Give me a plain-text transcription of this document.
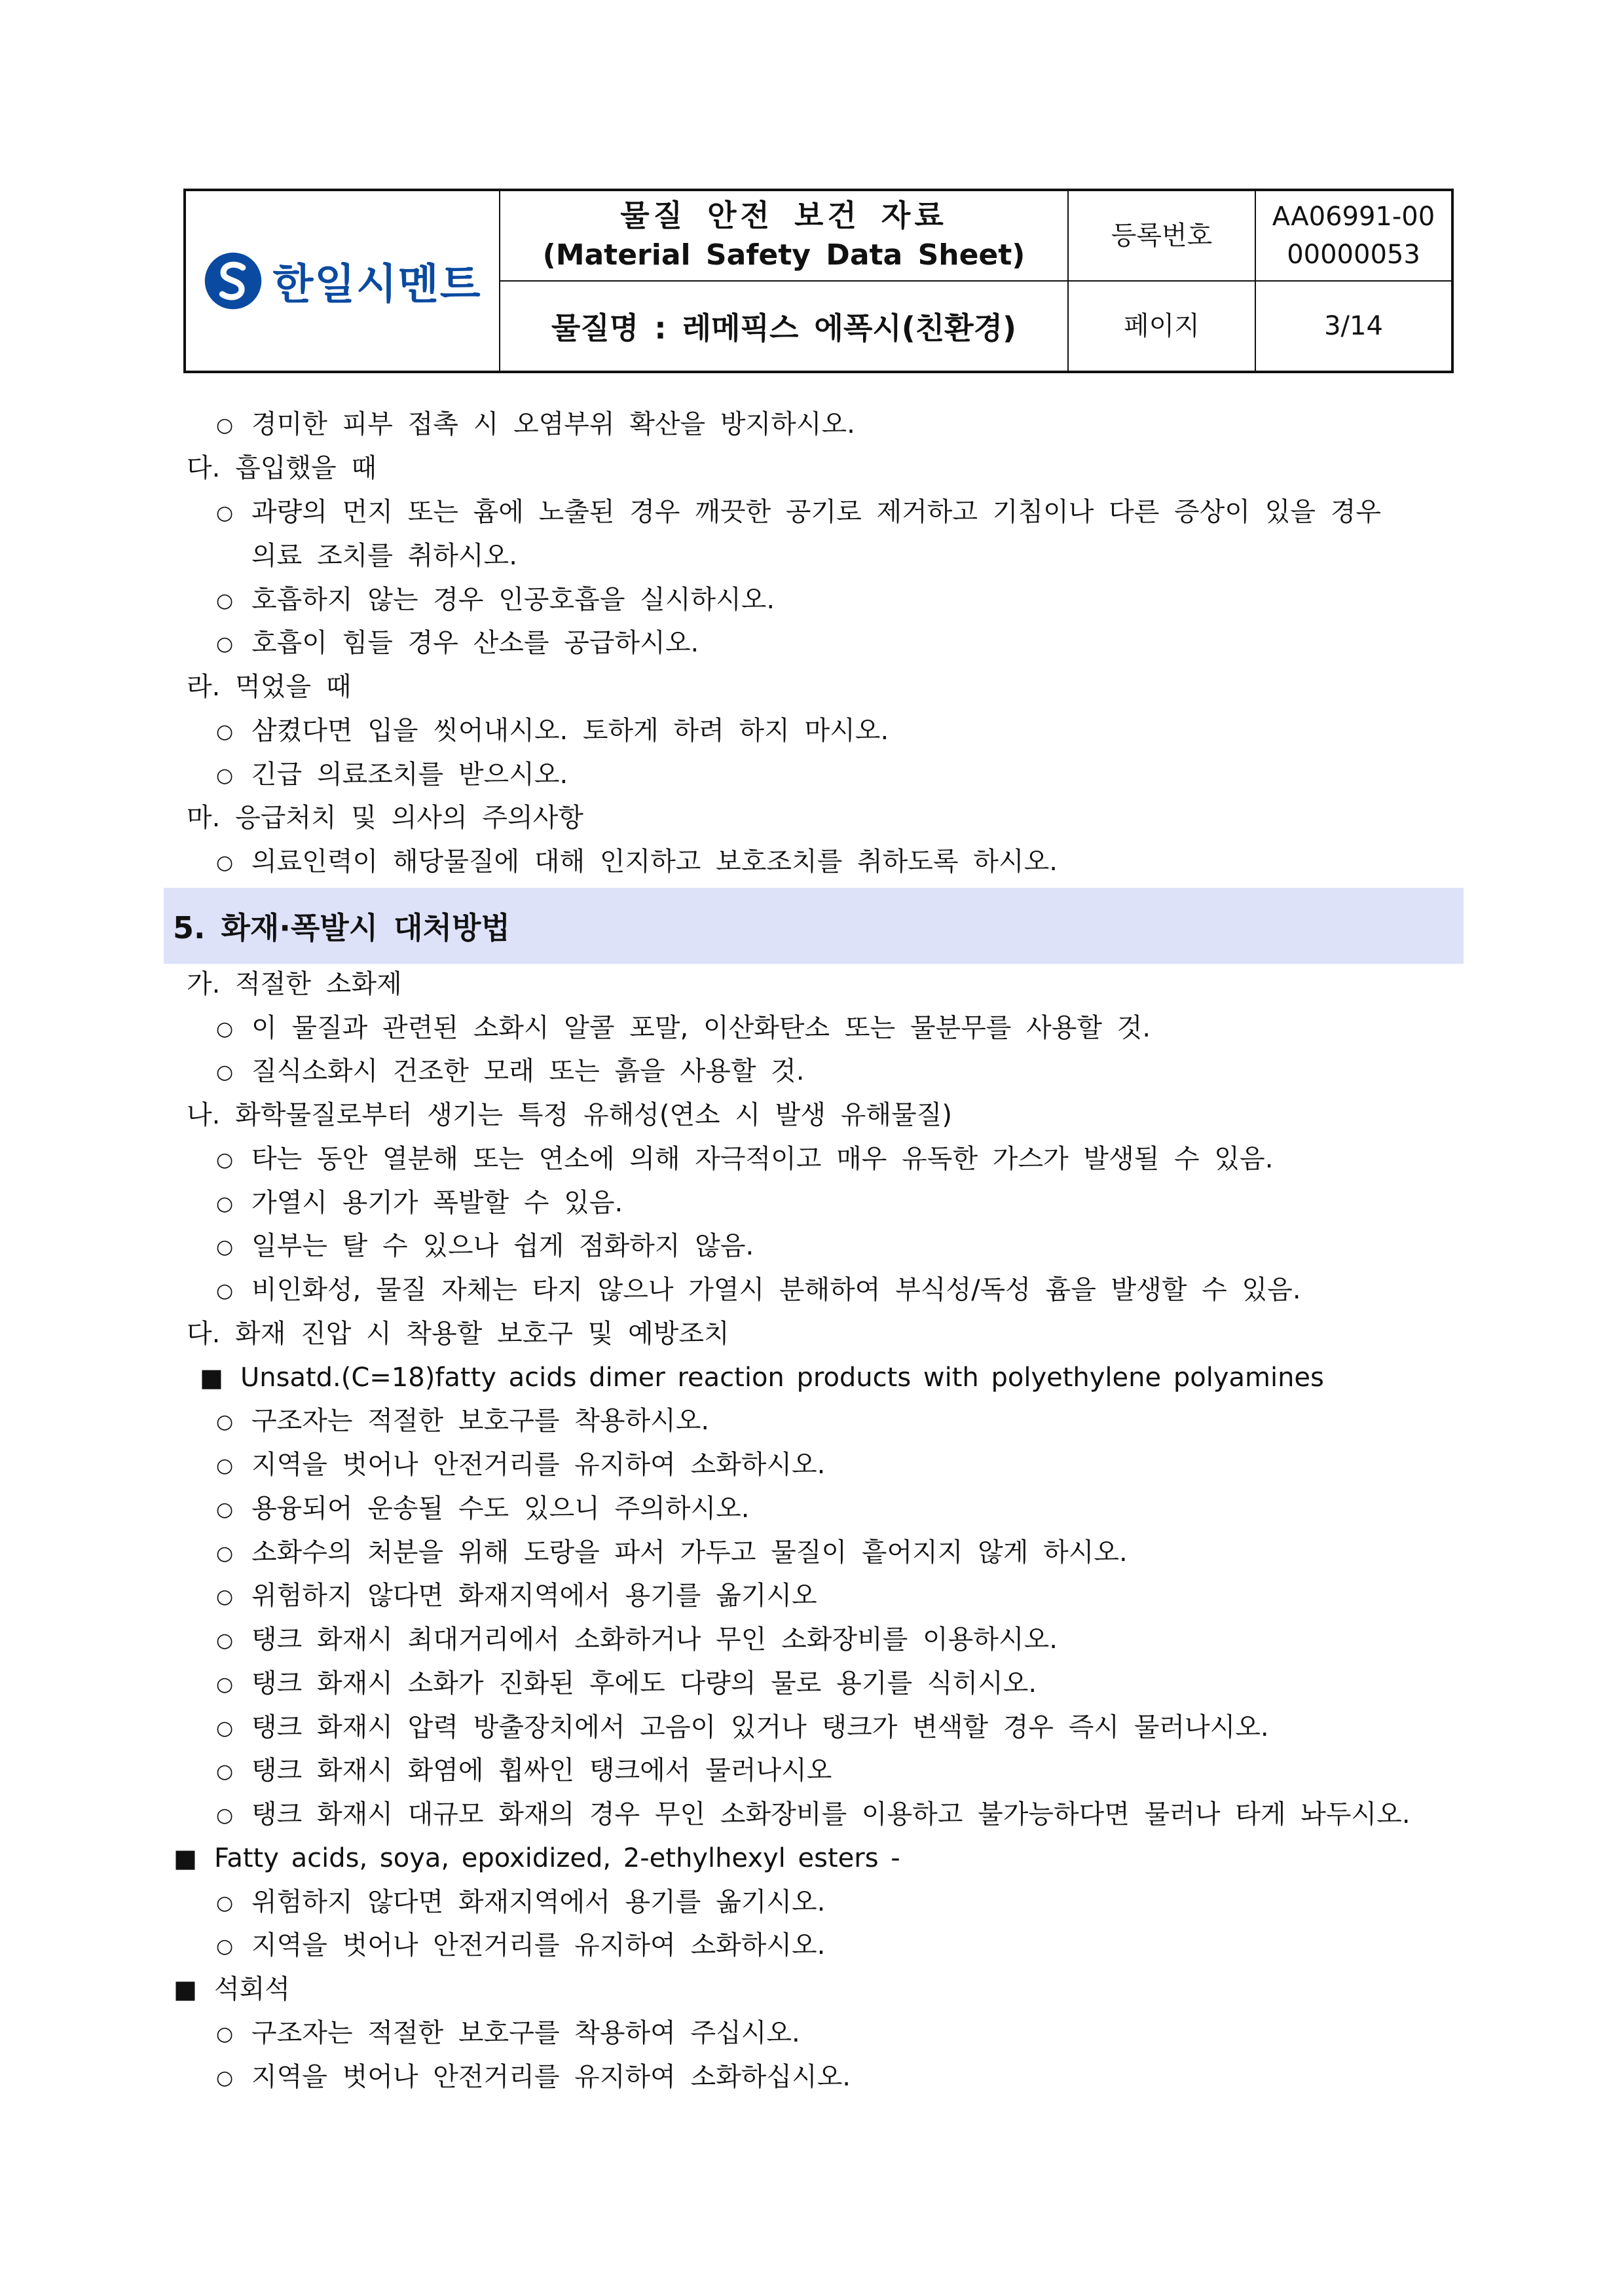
한일시멘트
물질 안전 보건 자료
(Material Safety Data Sheet)
물질명 : 레메픽스 에폭시(친환경)
등록번호
AA06991-00
00000053
페이지	3/14
○ 경미한 피부 접촉 시 오염부위 확산을 방지하시오.
다. 흡입했을 때
○ 과량의 먼지 또는 흄에 노출된 경우 깨끗한 공기로 제거하고 기침이나 다른 증상이 있을 경우
의료 조치를 취하시오.
○ 호흡하지 않는 경우 인공호흡을 실시하시오.
○ 호흡이 힘들 경우 산소를 공급하시오.
라. 먹었을 때
○ 삼켰다면 입을 씻어내시오. 토하게 하려 하지 마시오.
○ 긴급 의료조치를 받으시오.
마. 응급처치 및 의사의 주의사항
○ 의료인력이 해당물질에 대해 인지하고 보호조치를 취하도록 하시오.
5. 화재·폭발시 대처방법
가. 적절한 소화제
○ 이 물질과 관련된 소화시 알콜 포말, 이산화탄소 또는 물분무를 사용할 것.
○ 질식소화시 건조한 모래 또는 흙을 사용할 것.
나. 화학물질로부터 생기는 특정 유해성(연소 시 발생 유해물질)
○ 타는 동안 열분해 또는 연소에 의해 자극적이고 매우 유독한 가스가 발생될 수 있음.
○ 가열시 용기가 폭발할 수 있음.
○ 일부는 탈 수 있으나 쉽게 점화하지 않음.
○ 비인화성, 물질 자체는 타지 않으나 가열시 분해하여 부식성/독성 흄을 발생할 수 있음.
다. 화재 진압 시 착용할 보호구 및 예방조치
■ Unsatd.(C=18)fatty acids dimer reaction products with polyethylene polyamines
○ 구조자는 적절한 보호구를 착용하시오.
○ 지역을 벗어나 안전거리를 유지하여 소화하시오.
○ 용융되어 운송될 수도 있으니 주의하시오.
○ 소화수의 처분을 위해 도랑을 파서 가두고 물질이 흩어지지 않게 하시오.
○ 위험하지 않다면 화재지역에서 용기를 옮기시오
○ 탱크 화재시 최대거리에서 소화하거나 무인 소화장비를 이용하시오.
○ 탱크 화재시 소화가 진화된 후에도 다량의 물로 용기를 식히시오.
○ 탱크 화재시 압력 방출장치에서 고음이 있거나 탱크가 변색할 경우 즉시 물러나시오.
○ 탱크 화재시 화염에 휩싸인 탱크에서 물러나시오
○ 탱크 화재시 대규모 화재의 경우 무인 소화장비를 이용하고 불가능하다면 물러나 타게 놔두시오.
■ Fatty acids, soya, epoxidized, 2-ethylhexyl esters -
○ 위험하지 않다면 화재지역에서 용기를 옮기시오.
○ 지역을 벗어나 안전거리를 유지하여 소화하시오.
■ 석회석
○ 구조자는 적절한 보호구를 착용하여 주십시오.
○ 지역을 벗어나 안전거리를 유지하여 소화하십시오.
